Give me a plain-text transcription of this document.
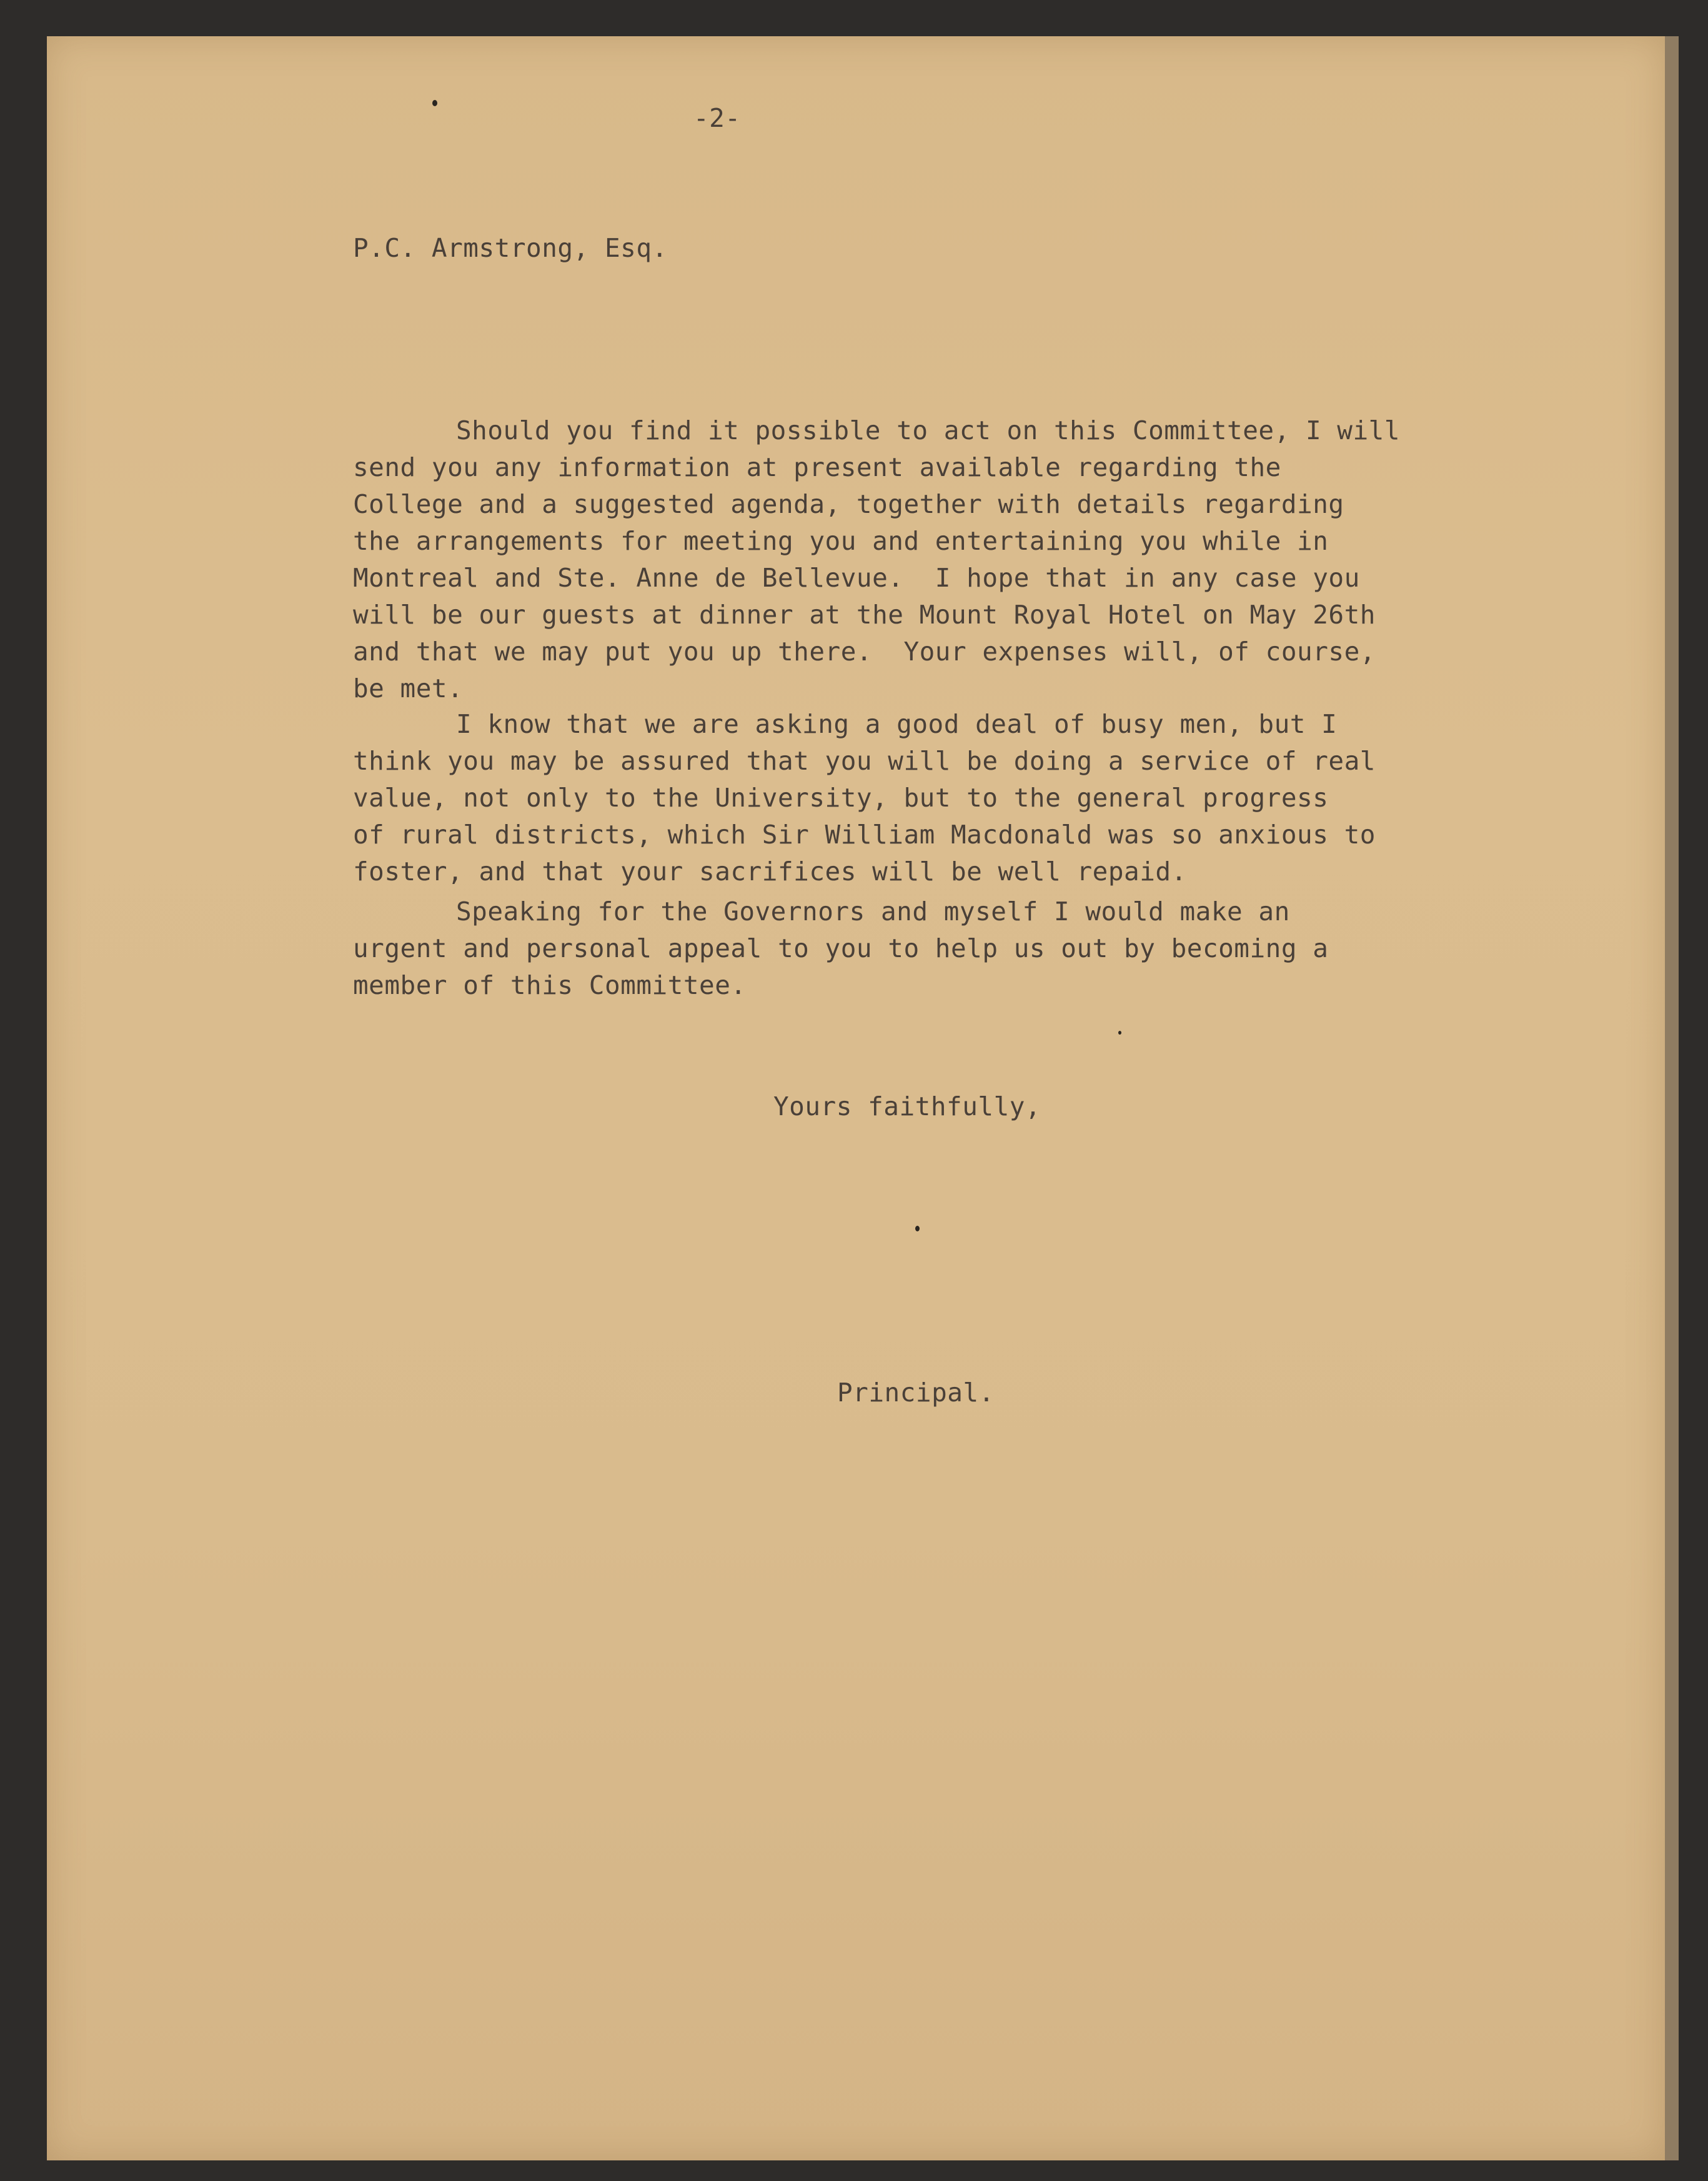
-2-
P.C. Armstrong, Esq.
Should you find it possible to act on this Committee, I will
send you any information at present available regarding the
College and a suggested agenda, together with details regarding
the arrangements for meeting you and entertaining you while in
Montreal and Ste. Anne de Bellevue.  I hope that in any case you
will be our guests at dinner at the Mount Royal Hotel on May 26th
and that we may put you up there.  Your expenses will, of course,
be met.
I know that we are asking a good deal of busy men, but I
think you may be assured that you will be doing a service of real
value, not only to the University, but to the general progress
of rural districts, which Sir William Macdonald was so anxious to
foster, and that your sacrifices will be well repaid.
Speaking for the Governors and myself I would make an
urgent and personal appeal to you to help us out by becoming a
member of this Committee.
Yours faithfully,
Principal.
